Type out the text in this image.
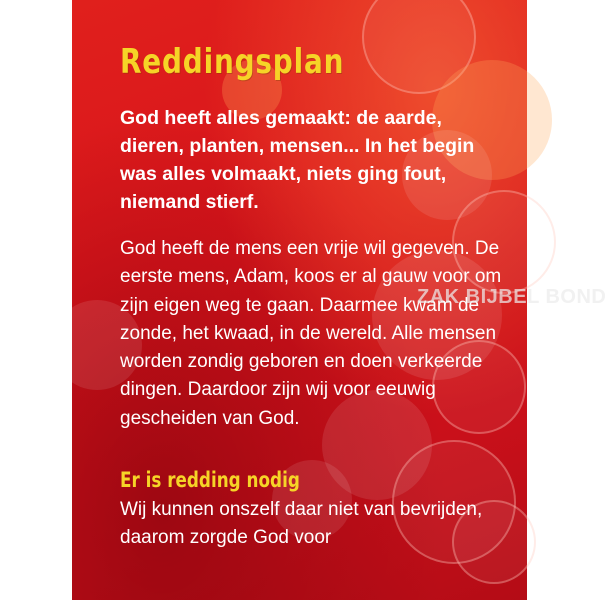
Reddingsplan
God heeft alles gemaakt: de aarde, dieren, planten, mensen... In het begin was alles volmaakt, niets ging fout, niemand stierf.
God heeft de mens een vrije wil gegeven. De eerste mens, Adam, koos er al gauw voor om zijn eigen weg te gaan. Daarmee kwam de zonde, het kwaad, in de wereld. Alle mensen worden zondig geboren en doen verkeerde dingen. Daardoor zijn wij voor eeuwig gescheiden van God.
Er is redding nodig
Wij kunnen onszelf daar niet van bevrijden, daarom zorgde God voor
ZAK BIJBEL BOND
